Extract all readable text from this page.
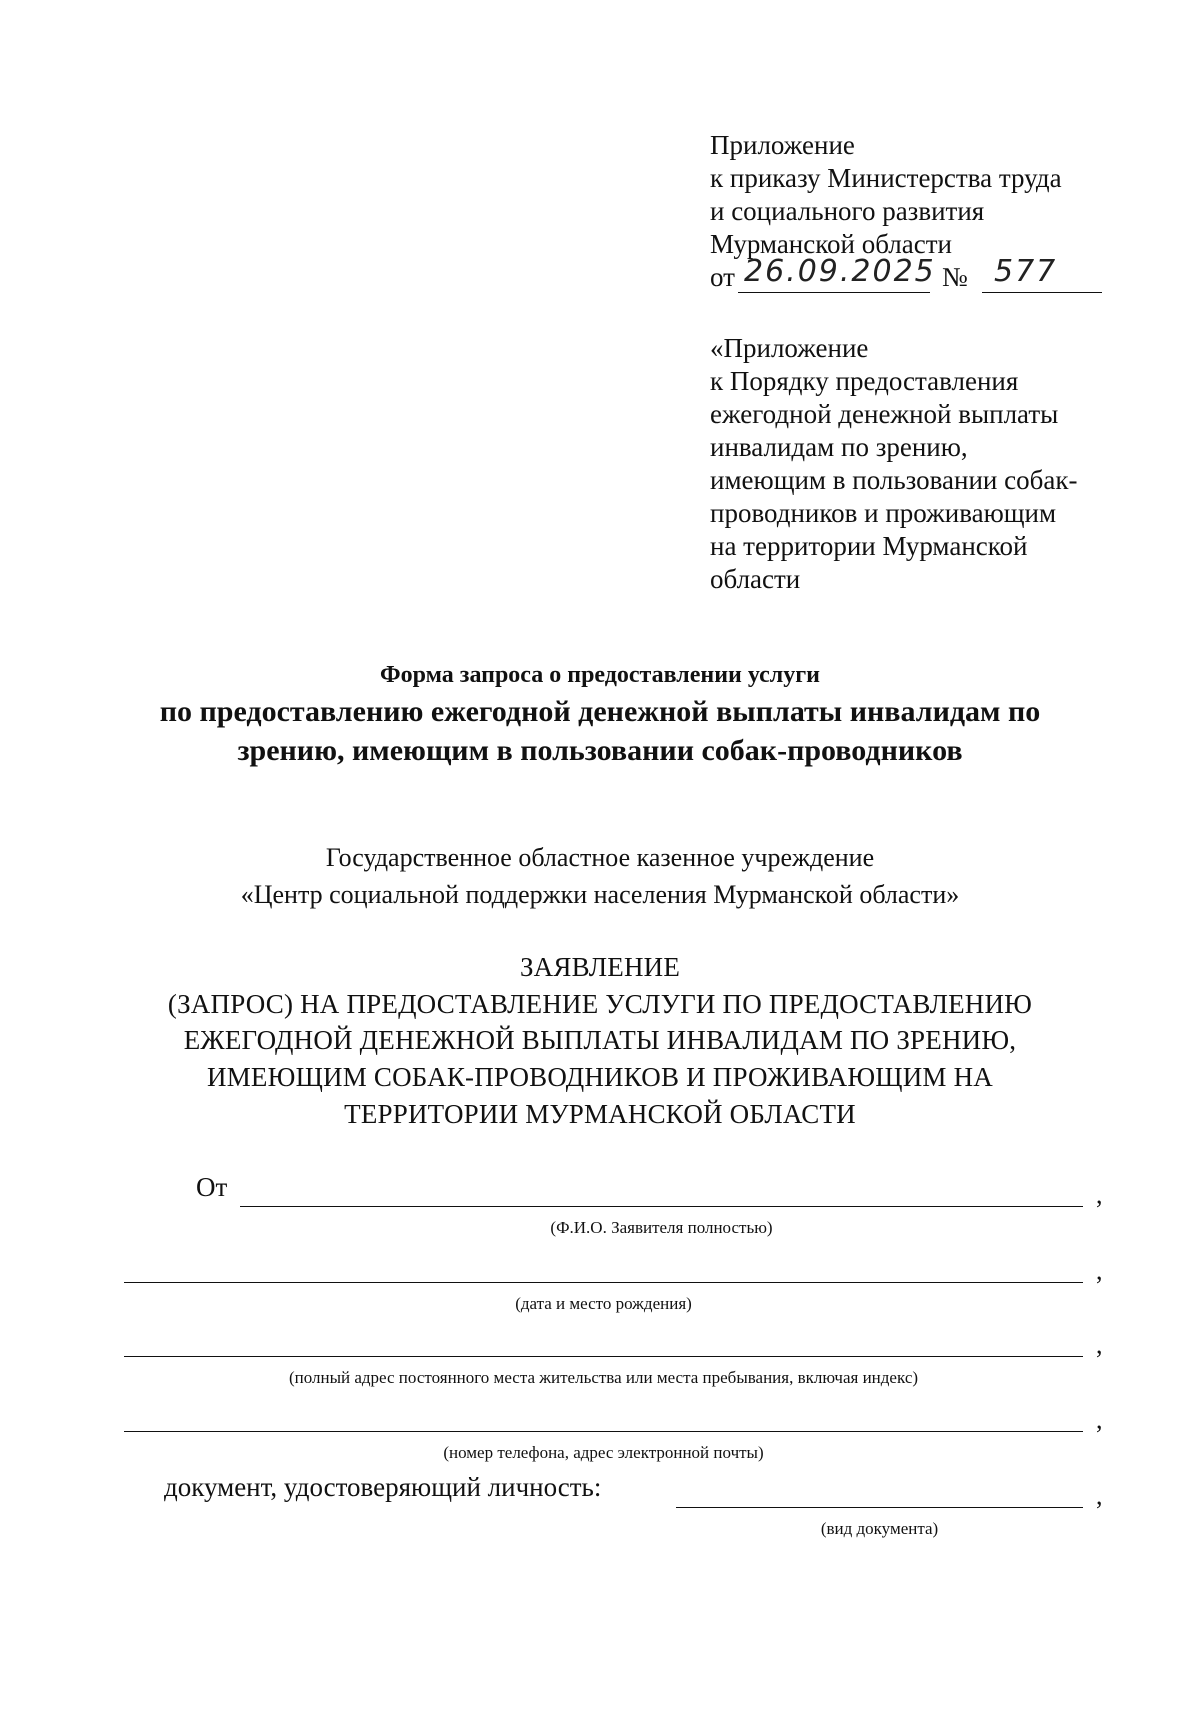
Приложение
к приказу Министерства труда
и социального развития
Мурманской области
от 26.09.2025 № 577
«Приложение
к Порядку предоставления
ежегодной денежной выплаты
инвалидам по зрению,
имеющим в пользовании собак-
проводников и проживающим
на территории Мурманской
области
Форма запроса о предоставлении услуги
по предоставлению ежегодной денежной выплаты инвалидам по
зрению, имеющим в пользовании собак-проводников
Государственное областное казенное учреждение
«Центр социальной поддержки населения Мурманской области»
ЗАЯВЛЕНИЕ
(ЗАПРОС) НА ПРЕДОСТАВЛЕНИЕ УСЛУГИ ПО ПРЕДОСТАВЛЕНИЮ
ЕЖЕГОДНОЙ ДЕНЕЖНОЙ ВЫПЛАТЫ ИНВАЛИДАМ ПО ЗРЕНИЮ,
ИМЕЮЩИМ СОБАК-ПРОВОДНИКОВ И ПРОЖИВАЮЩИМ НА
ТЕРРИТОРИИ МУРМАНСКОЙ ОБЛАСТИ
От	,
(Ф.И.О. Заявителя полностью)
,
(дата и место рождения)
,
(полный адрес постоянного места жительства или места пребывания, включая индекс)
,
(номер телефона, адрес электронной почты)
документ, удостоверяющий личность:	,
(вид документа)
